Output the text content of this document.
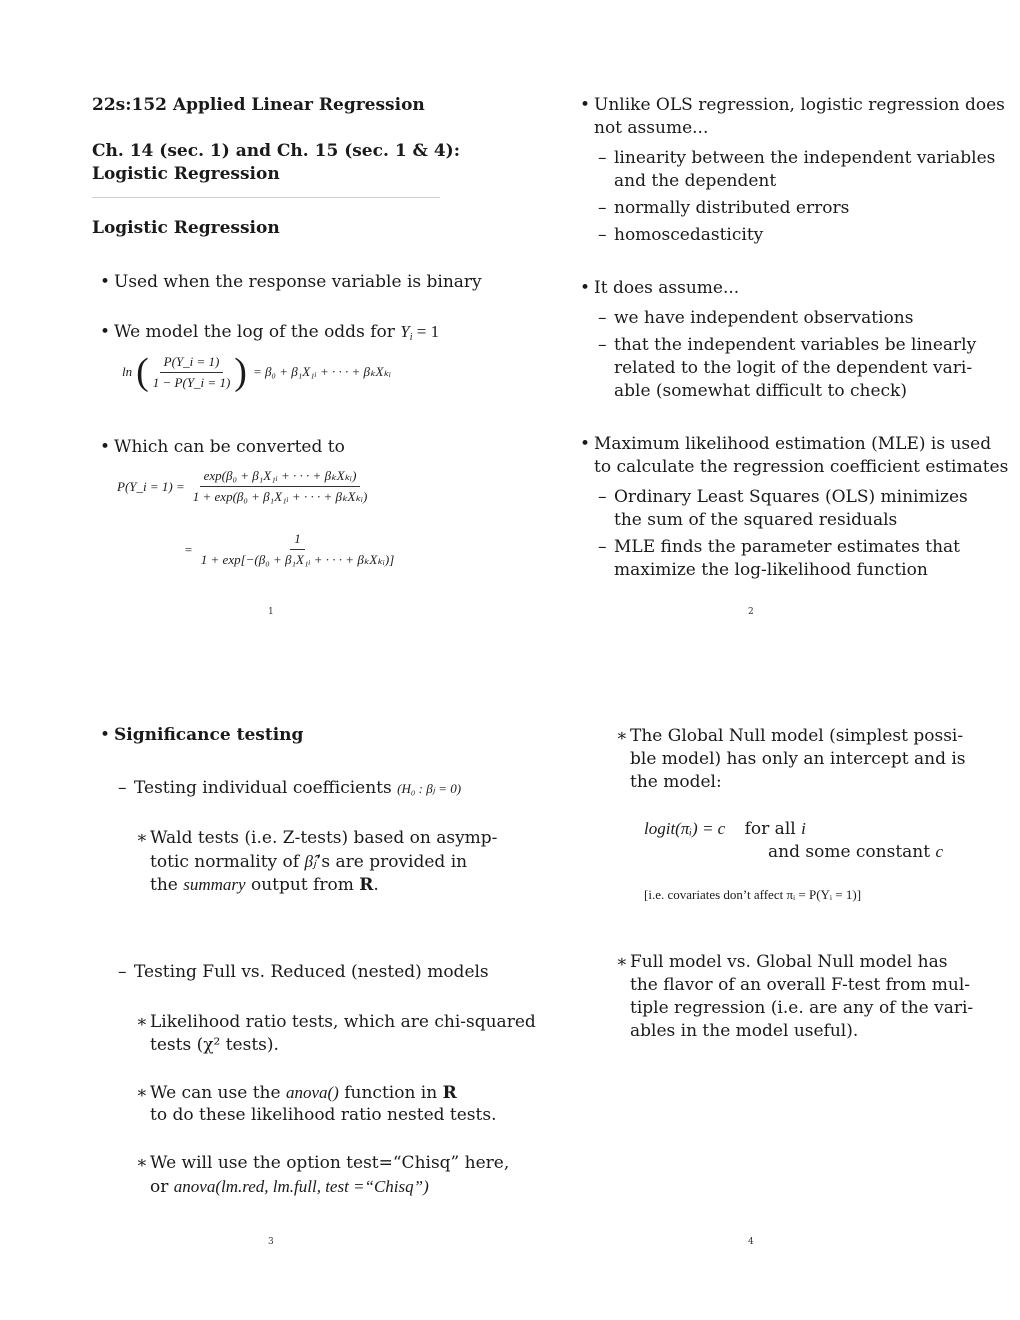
22s:152 Applied Linear Regression
Ch. 14 (sec. 1) and Ch. 15 (sec. 1 & 4):
Logistic Regression
Logistic Regression
• Used when the response variable is binary
• We model the log of the odds for $Y_i = 1$
ln ( $\frac{P(Y\_i = 1)}{1 - P(Y\_i = 1)}$ ) = β₀ + β₁X₁ᵢ + · · · + βₖXₖᵢ
• Which can be converted to
P(Y_i = $1) = \frac{\text{exp(β₀ + β₁X₁ᵢ + · · · + βₖXₖᵢ)}}{\text{1 + exp(β₀ + β₁X₁ᵢ + · · · + βₖXₖᵢ)}}$
= $\frac{1}{\text{1 + exp[−(β₀ + β₁X₁ᵢ + · · · + βₖXₖᵢ)]}}$
1
• Unlike OLS regression, logistic regression does
not assume...
– linearity between the independent variables
and the dependent
– normally distributed errors
– homoscedasticity
• It does assume...
– we have independent observations
– that the independent variables be linearly
related to the logit of the dependent vari-
able (somewhat difficult to check)
• Maximum likelihood estimation (MLE) is used
to calculate the regression coefficient estimates
– Ordinary Least Squares (OLS) minimizes
the sum of the squared residuals
– MLE finds the parameter estimates that
maximize the log-likelihood function
2
• Significance testing
– Testing individual coefficients (H₀ : βⱼ = 0)
∗ Wald tests (i.e. Z-tests) based on asymp-
totic normality of β̂ⱼ’s are provided in
the summary output from R.
– Testing Full vs. Reduced (nested) models
∗ Likelihood ratio tests, which are chi-squared
tests (χ² tests).
∗ We can use the anova() function in R
to do these likelihood ratio nested tests.
∗ We will use the option test=“Chisq” here,
or anova(lm.red, lm.full, test =“Chisq”)
3
∗ The Global Null model (simplest possi-
ble model) has only an intercept and is
the model:
logit(πᵢ) = c for all i
and some constant c
[i.e. covariates don’t affect πᵢ = P(Yᵢ = 1)]
∗ Full model vs. Global Null model has
the flavor of an overall F-test from mul-
tiple regression (i.e. are any of the vari-
ables in the model useful).
4
